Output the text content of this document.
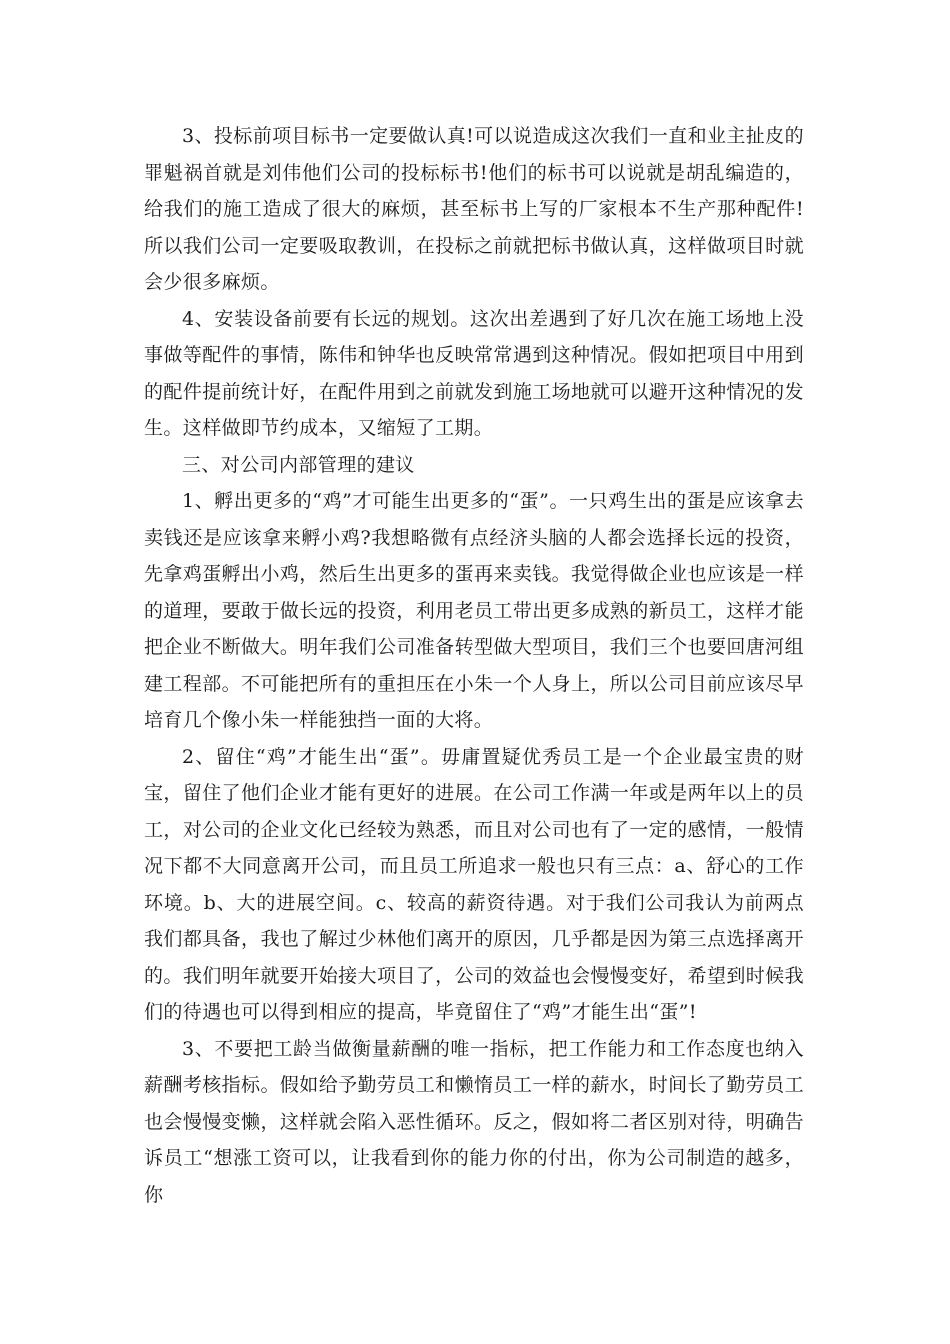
3、投标前项目标书一定要做认真!可以说造成这次我们一直和业主扯皮的罪魁祸首就是刘伟他们公司的投标标书!他们的标书可以说就是胡乱编造的，给我们的施工造成了很大的麻烦，甚至标书上写的厂家根本不生产那种配件!所以我们公司一定要吸取教训，在投标之前就把标书做认真，这样做项目时就会少很多麻烦。

4、安装设备前要有长远的规划。这次出差遇到了好几次在施工场地上没事做等配件的事情，陈伟和钟华也反映常常遇到这种情况。假如把项目中用到的配件提前统计好，在配件用到之前就发到施工场地就可以避开这种情况的发生。这样做即节约成本，又缩短了工期。

三、对公司内部管理的建议

1、孵出更多的“鸡”才可能生出更多的“蛋”。一只鸡生出的蛋是应该拿去卖钱还是应该拿来孵小鸡?我想略微有点经济头脑的人都会选择长远的投资，先拿鸡蛋孵出小鸡，然后生出更多的蛋再来卖钱。我觉得做企业也应该是一样的道理，要敢于做长远的投资，利用老员工带出更多成熟的新员工，这样才能把企业不断做大。明年我们公司准备转型做大型项目，我们三个也要回唐河组建工程部。不可能把所有的重担压在小朱一个人身上，所以公司目前应该尽早培育几个像小朱一样能独挡一面的大将。

2、留住“鸡”才能生出“蛋”。毋庸置疑优秀员工是一个企业最宝贵的财宝，留住了他们企业才能有更好的进展。在公司工作满一年或是两年以上的员工，对公司的企业文化已经较为熟悉，而且对公司也有了一定的感情，一般情况下都不大同意离开公司，而且员工所追求一般也只有三点：a、舒心的工作环境。b、大的进展空间。c、较高的薪资待遇。对于我们公司我认为前两点我们都具备，我也了解过少林他们离开的原因，几乎都是因为第三点选择离开的。我们明年就要开始接大项目了，公司的效益也会慢慢变好，希望到时候我们的待遇也可以得到相应的提高，毕竟留住了“鸡”才能生出“蛋”!

3、不要把工龄当做衡量薪酬的唯一指标，把工作能力和工作态度也纳入薪酬考核指标。假如给予勤劳员工和懒惰员工一样的薪水，时间长了勤劳员工也会慢慢变懒，这样就会陷入恶性循环。反之，假如将二者区别对待，明确告诉员工“想涨工资可以，让我看到你的能力你的付出，你为公司制造的越多，你
